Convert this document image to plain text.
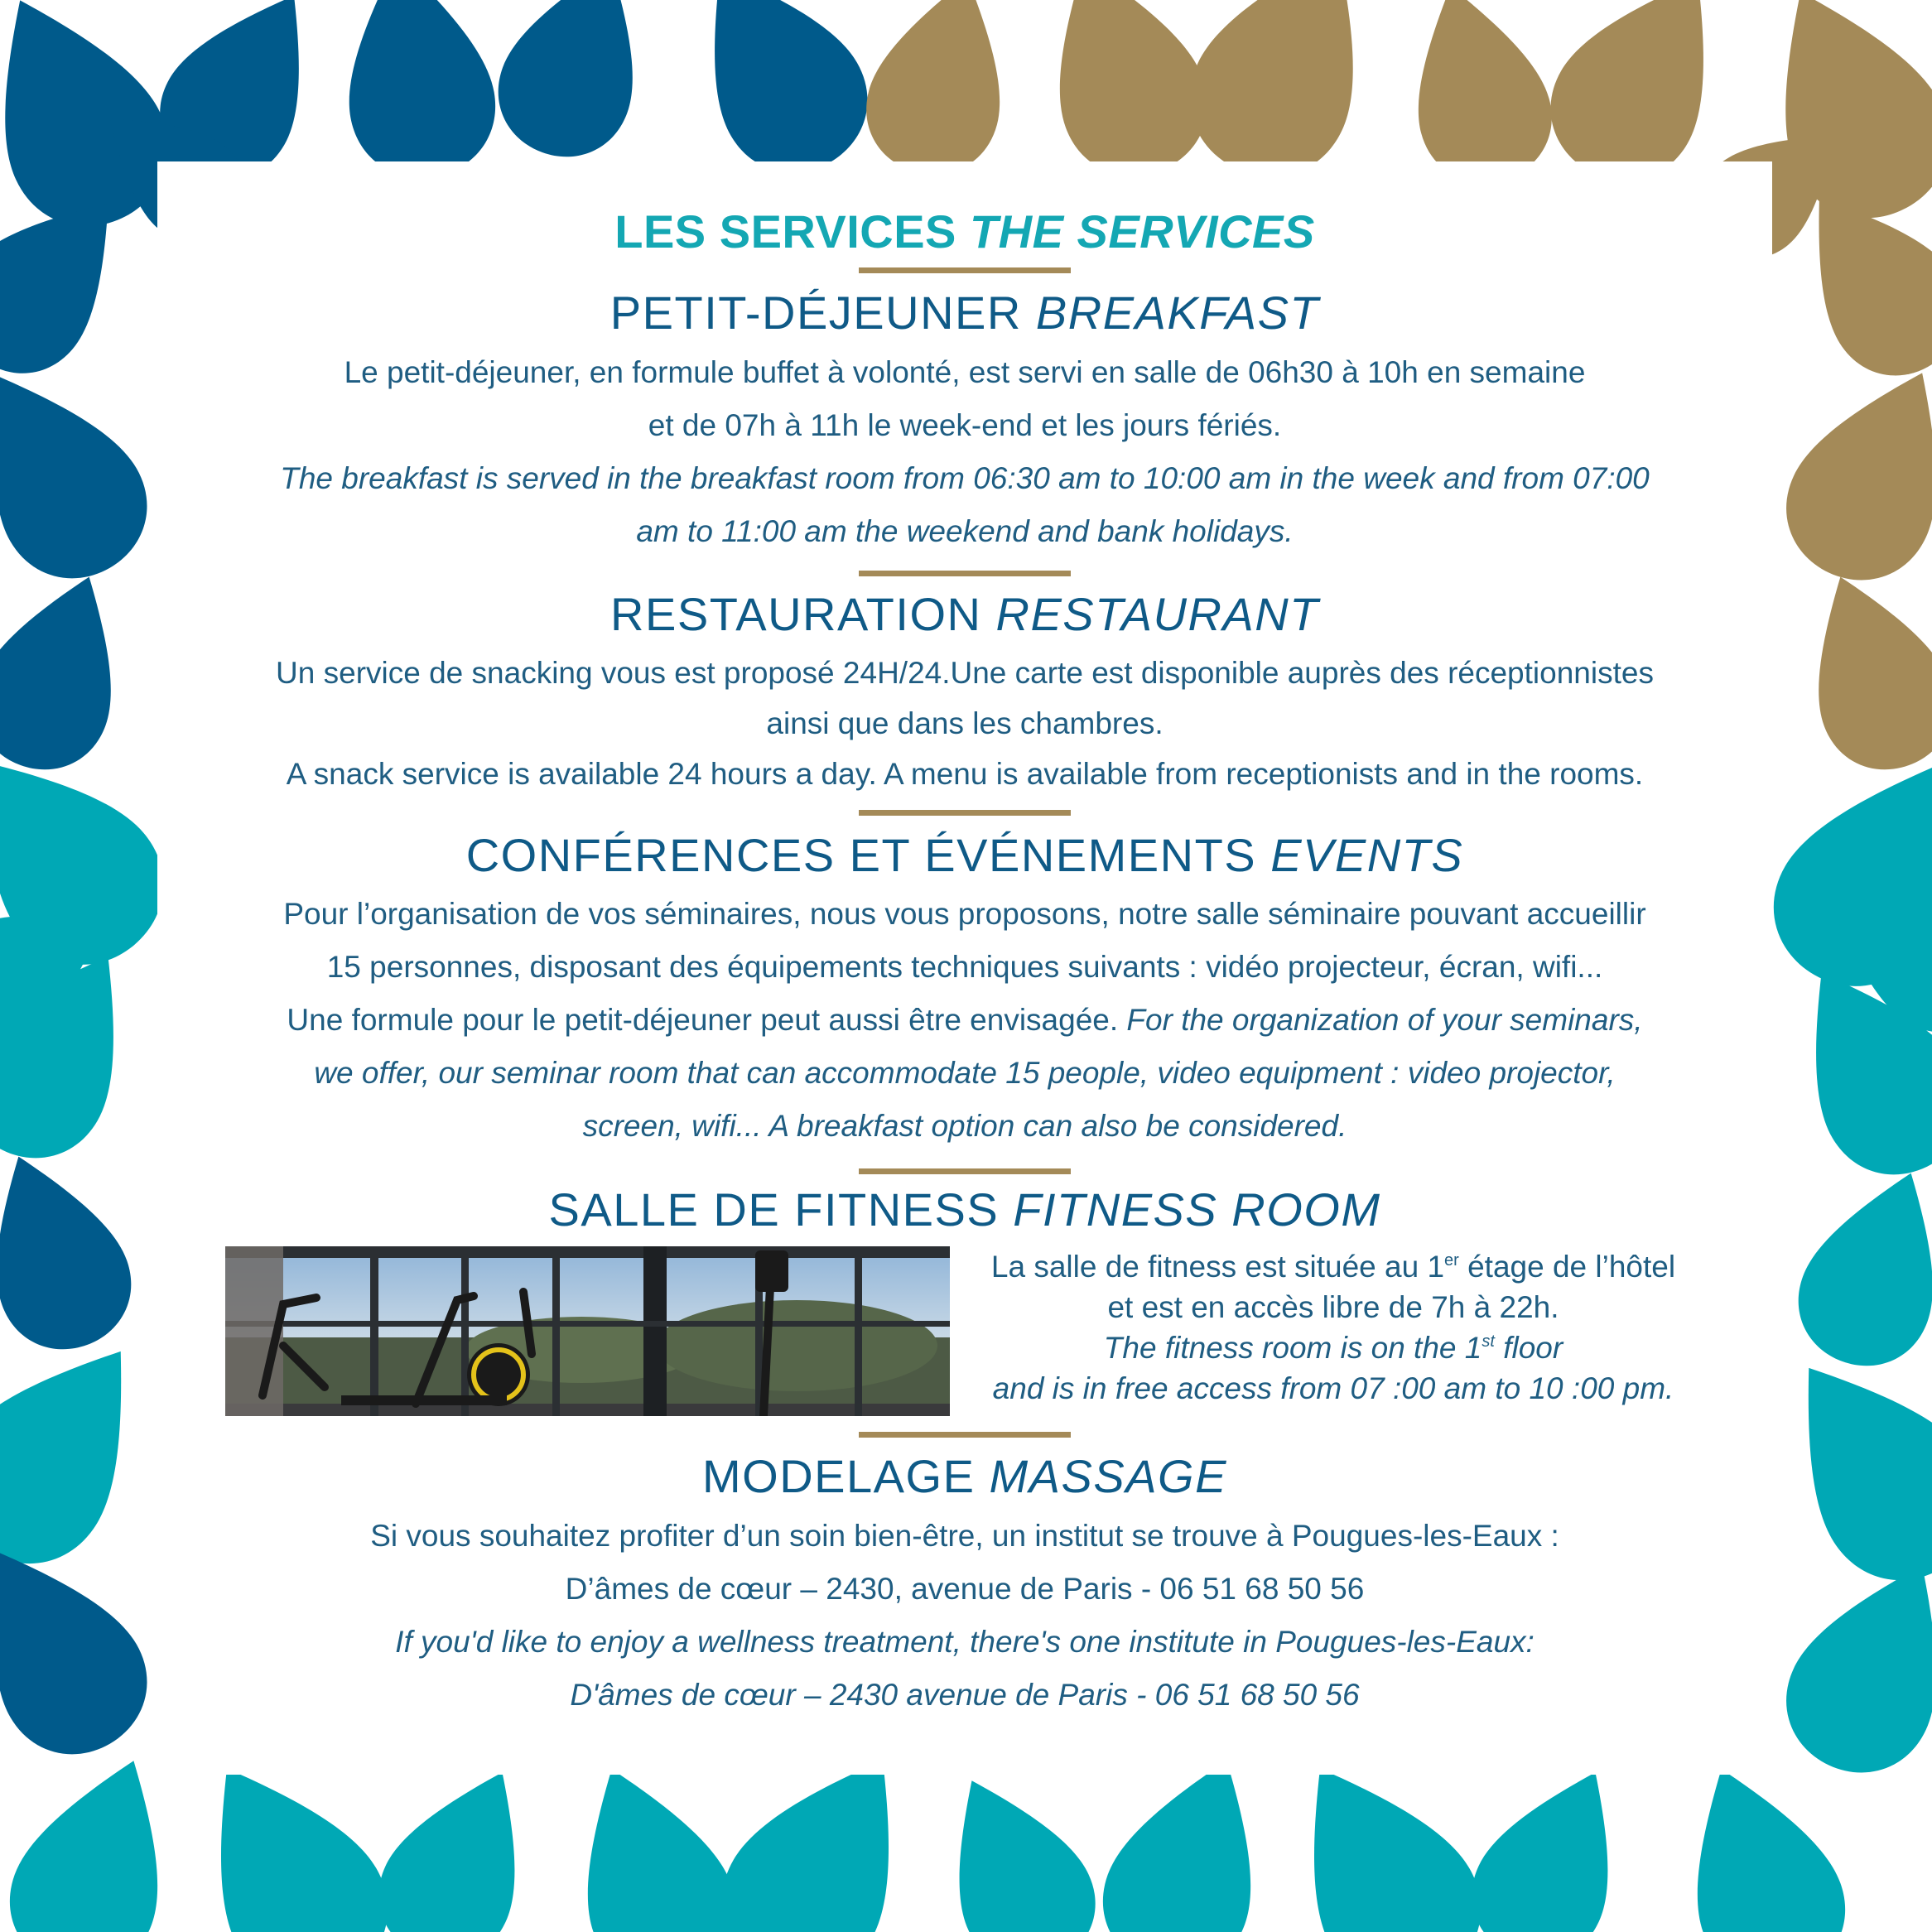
LES SERVICES THE SERVICES
PETIT-DÉJEUNER BREAKFAST
Le petit-déjeuner, en formule buffet à volonté, est servi en salle de 06h30 à 10h en semaine
et de 07h à 11h le week-end et les jours fériés.
The breakfast is served in the breakfast room from 06:30 am to 10:00 am in the week and from 07:00
am to 11:00 am the weekend and bank holidays.
RESTAURATION RESTAURANT
Un service de snacking vous est proposé 24H/24.Une carte est disponible auprès des réceptionnistes
ainsi que dans les chambres.
A snack service is available 24 hours a day. A menu is available from receptionists and in the rooms.
CONFÉRENCES ET ÉVÉNEMENTS EVENTS
Pour l’organisation de vos séminaires, nous vous proposons, notre salle séminaire pouvant accueillir
15 personnes, disposant des équipements techniques suivants : vidéo projecteur, écran, wifi...
Une formule pour le petit-déjeuner peut aussi être envisagée. For the organization of your seminars,
we offer, our seminar room that can accommodate 15 people, video equipment : video projector,
screen, wifi... A breakfast option can also be considered.
SALLE DE FITNESS FITNESS ROOM
La salle de fitness est située au 1er étage de l’hôtel
et est en accès libre de 7h à 22h.
The fitness room is on the 1st floor
and is in free access from 07 :00 am to 10 :00 pm.
MODELAGE MASSAGE
Si vous souhaitez profiter d’un soin bien-être, un institut se trouve à Pougues-les-Eaux :
D’âmes de cœur – 2430, avenue de Paris - 06 51 68 50 56
If you'd like to enjoy a wellness treatment, there's one institute in Pougues-les-Eaux:
D'âmes de cœur – 2430 avenue de Paris - 06 51 68 50 56
